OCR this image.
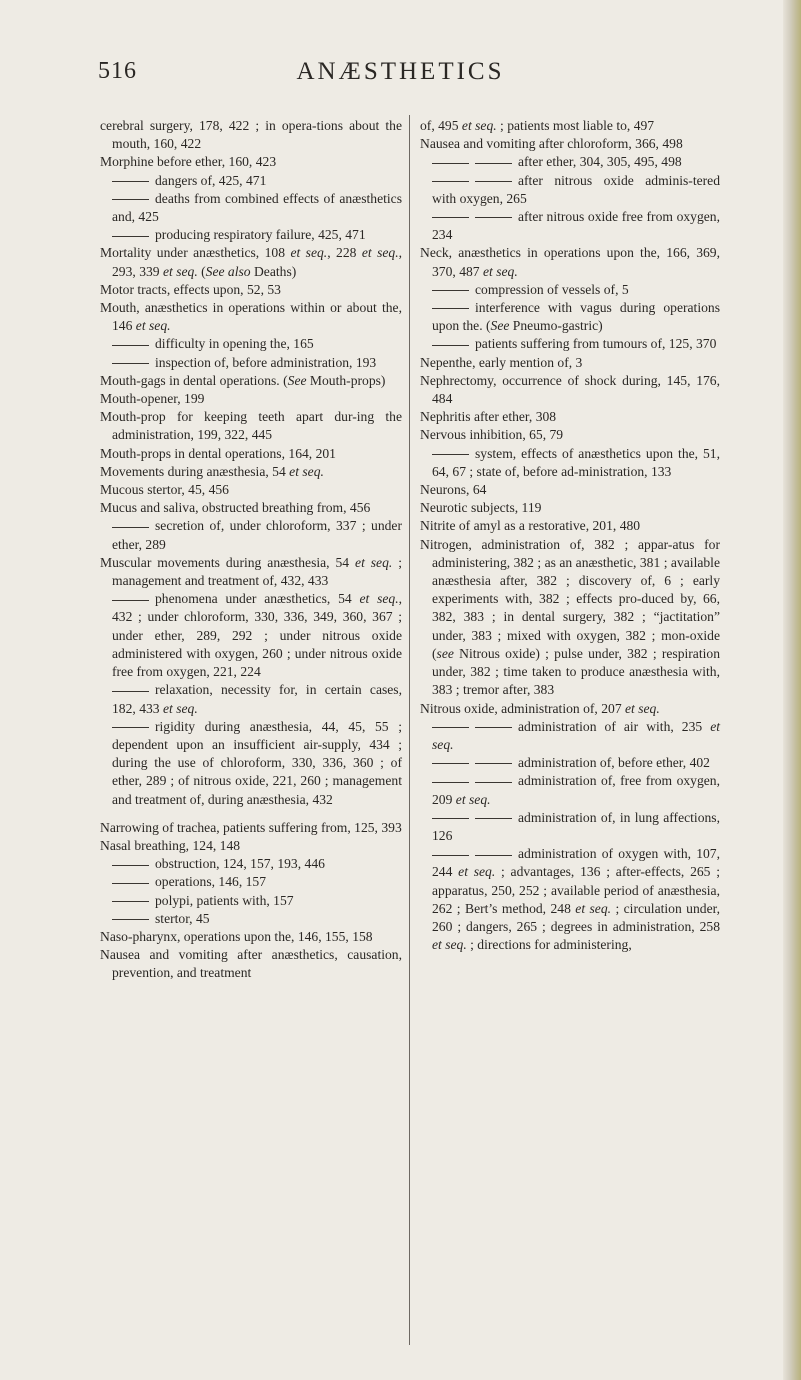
516	ANÆSTHETICS
cerebral surgery, 178, 422 ; in opera-tions about the mouth, 160, 422
Morphine before ether, 160, 423
dangers of, 425, 471
deaths from combined effects of anæsthetics and, 425
producing respiratory failure, 425, 471
Mortality under anæsthetics, 108 et seq., 228 et seq., 293, 339 et seq. (See also Deaths)
Motor tracts, effects upon, 52, 53
Mouth, anæsthetics in operations within or about the, 146 et seq.
difficulty in opening the, 165
inspection of, before administration, 193
Mouth-gags in dental operations. (See Mouth-props)
Mouth-opener, 199
Mouth-prop for keeping teeth apart dur-ing the administration, 199, 322, 445
Mouth-props in dental operations, 164, 201
Movements during anæsthesia, 54 et seq.
Mucous stertor, 45, 456
Mucus and saliva, obstructed breathing from, 456
secretion of, under chloroform, 337 ; under ether, 289
Muscular movements during anæsthesia, 54 et seq. ; management and treatment of, 432, 433
phenomena under anæsthetics, 54 et seq., 432 ; under chloroform, 330, 336, 349, 360, 367 ; under ether, 289, 292 ; under nitrous oxide administered with oxygen, 260 ; under nitrous oxide free from oxygen, 221, 224
relaxation, necessity for, in certain cases, 182, 433 et seq.
rigidity during anæsthesia, 44, 45, 55 ; dependent upon an insufficient air-supply, 434 ; during the use of chloroform, 330, 336, 360 ; of ether, 289 ; of nitrous oxide, 221, 260 ; management and treatment of, during anæsthesia, 432
Narrowing of trachea, patients suffering from, 125, 393
Nasal breathing, 124, 148
obstruction, 124, 157, 193, 446
operations, 146, 157
polypi, patients with, 157
stertor, 45
Naso-pharynx, operations upon the, 146, 155, 158
Nausea and vomiting after anæsthetics, causation, prevention, and treatment
of, 495 et seq. ; patients most liable to, 497
Nausea and vomiting after chloroform, 366, 498
after ether, 304, 305, 495, 498
after nitrous oxide adminis-tered with oxygen, 265
after nitrous oxide free from oxygen, 234
Neck, anæsthetics in operations upon the, 166, 369, 370, 487 et seq.
compression of vessels of, 5
interference with vagus during operations upon the. (See Pneumo-gastric)
patients suffering from tumours of, 125, 370
Nepenthe, early mention of, 3
Nephrectomy, occurrence of shock during, 145, 176, 484
Nephritis after ether, 308
Nervous inhibition, 65, 79
system, effects of anæsthetics upon the, 51, 64, 67 ; state of, before ad-ministration, 133
Neurons, 64
Neurotic subjects, 119
Nitrite of amyl as a restorative, 201, 480
Nitrogen, administration of, 382 ; appar-atus for administering, 382 ; as an anæsthetic, 381 ; available anæsthesia after, 382 ; discovery of, 6 ; early experiments with, 382 ; effects pro-duced by, 66, 382, 383 ; in dental surgery, 382 ; “jactitation” under, 383 ; mixed with oxygen, 382 ; mon-oxide (see Nitrous oxide) ; pulse under, 382 ; respiration under, 382 ; time taken to produce anæsthesia with, 383 ; tremor after, 383
Nitrous oxide, administration of, 207 et seq.
administration of air with, 235 et seq.
administration of, before ether, 402
administration of, free from oxygen, 209 et seq.
administration of, in lung affections, 126
administration of oxygen with, 107, 244 et seq. ; advantages, 136 ; after-effects, 265 ; apparatus, 250, 252 ; available period of anæsthesia, 262 ; Bert’s method, 248 et seq. ; circulation under, 260 ; dangers, 265 ; degrees in administration, 258 et seq. ; directions for administering,
